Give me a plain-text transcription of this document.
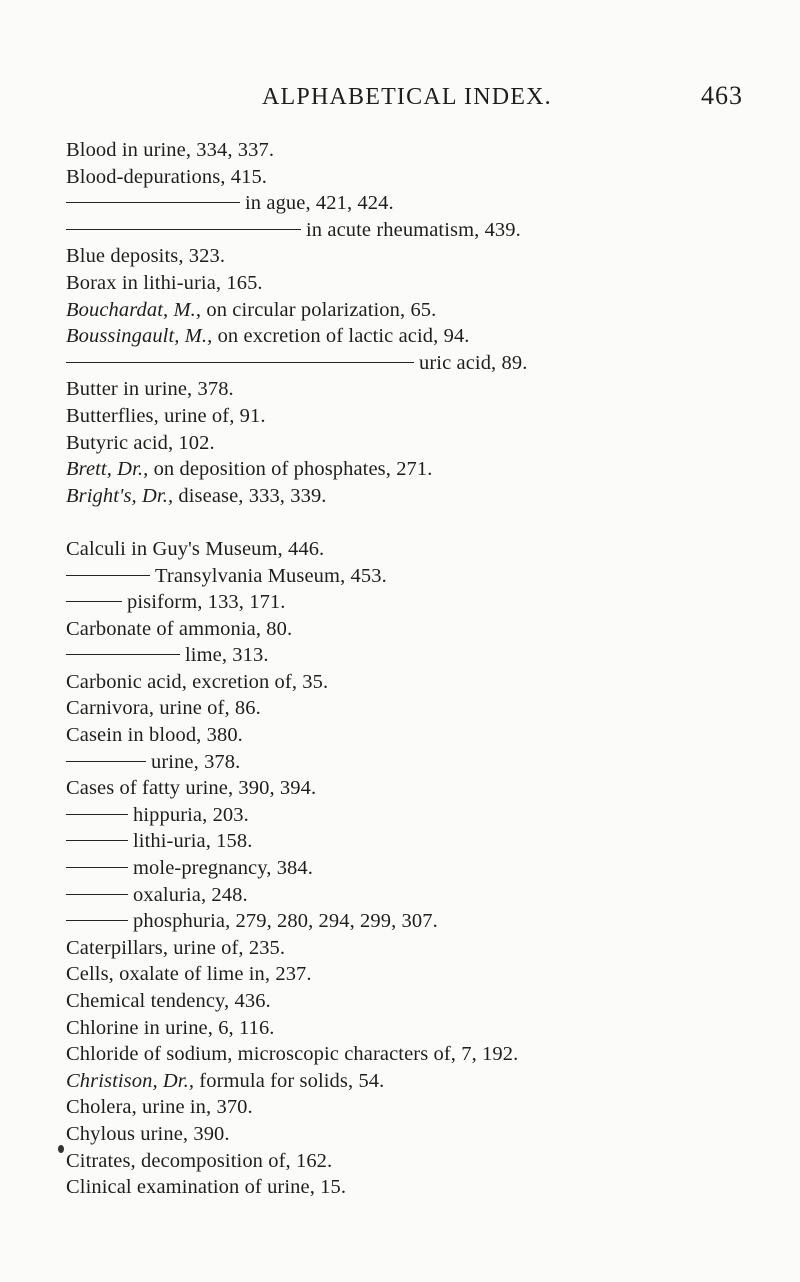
ALPHABETICAL INDEX.	463
Blood in urine, 334, 337.
Blood-depurations, 415.
in ague, 421, 424.
in acute rheumatism, 439.
Blue deposits, 323.
Borax in lithi-uria, 165.
Bouchardat, M., on circular polarization, 65.
Boussingault, M., on excretion of lactic acid, 94.
uric acid, 89.
Butter in urine, 378.
Butterflies, urine of, 91.
Butyric acid, 102.
Brett, Dr., on deposition of phosphates, 271.
Bright's, Dr., disease, 333, 339.
Calculi in Guy's Museum, 446.
Transylvania Museum, 453.
pisiform, 133, 171.
Carbonate of ammonia, 80.
lime, 313.
Carbonic acid, excretion of, 35.
Carnivora, urine of, 86.
Casein in blood, 380.
urine, 378.
Cases of fatty urine, 390, 394.
hippuria, 203.
lithi-uria, 158.
mole-pregnancy, 384.
oxaluria, 248.
phosphuria, 279, 280, 294, 299, 307.
Caterpillars, urine of, 235.
Cells, oxalate of lime in, 237.
Chemical tendency, 436.
Chlorine in urine, 6, 116.
Chloride of sodium, microscopic characters of, 7, 192.
Christison, Dr., formula for solids, 54.
Cholera, urine in, 370.
Chylous urine, 390.
Citrates, decomposition of, 162.
Clinical examination of urine, 15.
